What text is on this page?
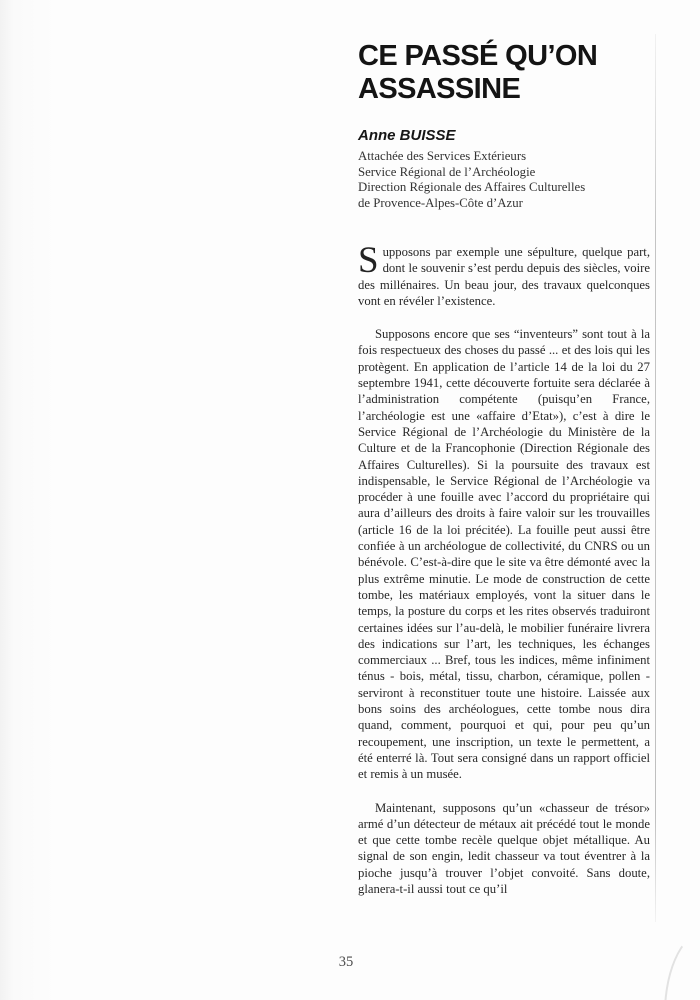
CE PASSÉ QU’ON
ASSASSINE
Anne BUISSE
Attachée des Services Extérieurs
Service Régional de l’Archéologie
Direction Régionale des Affaires Culturelles
de Provence-Alpes-Côte d’Azur

Supposons par exemple une sépulture, quelque part, dont le souvenir s’est perdu depuis des siècles, voire des millénaires. Un beau jour, des travaux quelconques vont en révéler l’existence.

Supposons encore que ses “inventeurs” sont tout à la fois respectueux des choses du passé ... et des lois qui les protègent. En application de l’article 14 de la loi du 27 septembre 1941, cette découverte fortuite sera déclarée à l’administration compétente (puisqu’en France, l’archéologie est une «affaire d’Etat»), c’est à dire le Service Régional de l’Archéologie du Ministère de la Culture et de la Francophonie (Direction Régionale des Affaires Culturelles). Si la poursuite des travaux est indispensable, le Service Régional de l’Archéologie va procéder à une fouille avec l’accord du propriétaire qui aura d’ailleurs des droits à faire valoir sur les trouvailles (article 16 de la loi précitée). La fouille peut aussi être confiée à un archéologue de collectivité, du CNRS ou un bénévole. C’est-à-dire que le site va être démonté avec la plus extrême minutie. Le mode de construction de cette tombe, les matériaux employés, vont la situer dans le temps, la posture du corps et les rites observés traduiront certaines idées sur l’au-delà, le mobilier funéraire livrera des indications sur l’art, les techniques, les échanges commerciaux ... Bref, tous les indices, même infiniment ténus - bois, métal, tissu, charbon, céramique, pollen - serviront à reconstituer toute une histoire. Laissée aux bons soins des archéologues, cette tombe nous dira quand, comment, pourquoi et qui, pour peu qu’un recoupement, une inscription, un texte le permettent, a été enterré là. Tout sera consigné dans un rapport officiel et remis à un musée.

Maintenant, supposons qu’un «chasseur de trésor» armé d’un détecteur de métaux ait précédé tout le monde et que cette tombe recèle quelque objet métallique. Au signal de son engin, ledit chasseur va tout éventrer à la pioche jusqu’à trouver l’objet convoité. Sans doute, glanera-t-il aussi tout ce qu’il

35
